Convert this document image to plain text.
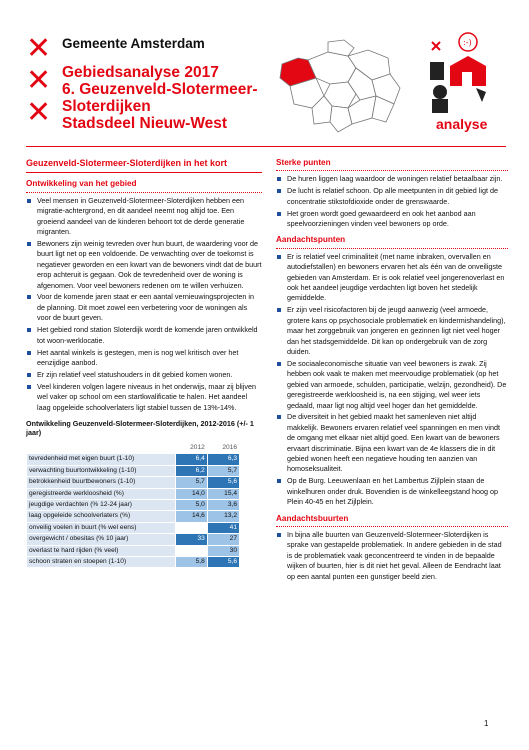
✕
✕
✕
Gemeente Amsterdam
Gebiedsanalyse 2017
6. Geuzenveld-Slotermeer-
Sloterdijken
Stadsdeel Nieuw-West
:-)
analyse
Geuzenveld-Slotermeer-Sloterdijken in het kort
Ontwikkeling van het gebied
Veel mensen in Geuzenveld-Slotermeer-Sloterdijken hebben een migratie-achtergrond, en dit aandeel neemt nog altijd toe. Een groeiend aandeel van de kinderen behoort tot de derde generatie migranten.
Bewoners zijn weinig tevreden over hun buurt, de waardering voor de buurt ligt net op een voldoende. De verwachting over de toekomst is negatiever geworden en een kwart van de bewoners vindt dat de buurt erop achteruit is gegaan. Ook de tevredenheid over de woning is afgenomen. Voor veel bewoners redenen om te willen verhuizen.
Voor de komende jaren staat er een aantal vernieuwingsprojecten in de planning. Dit moet zowel een verbetering voor de woningen als voor de buurt geven.
Het gebied rond station Sloterdijk wordt de komende jaren ontwikkeld tot woon-werklocatie.
Het aantal winkels is gestegen, men is nog wel kritisch over het eenzijdige aanbod.
Er zijn relatief veel statushouders in dit gebied komen wonen.
Veel kinderen volgen lagere niveaus in het onderwijs, maar zij blijven wel vaker op school om een startkwalificatie te halen. Het aandeel laag opgeleide schoolverlaters ligt stabiel tussen de 13%-14%.
Ontwikkeling Geuzenveld-Slotermeer-Sloterdijken, 2012-2016 (+/- 1 jaar)
	2012	2016
tevredenheid met eigen buurt (1-10)	6,4	6,3
verwachting buurtontwikkeling (1-10)	6,2	5,7
betrokkenheid buurtbewoners (1-10)	5,7	5,6
geregistreerde werkloosheid (%)	14,0	15,4
jeugdige verdachten (% 12-24 jaar)	5,0	3,6
laag opgeleide schoolverlaters (%)	14,6	13,2
onveilig voelen in buurt (% wel eens)		41
overgewicht / obesitas (% 10 jaar)	33	27
overlast te hard rijden (% veel)		30
schoon straten en stoepen (1-10)	5,8	5,6
Sterke punten
De huren liggen laag waardoor de woningen relatief betaalbaar zijn.
De lucht is relatief schoon. Op alle meetpunten in dit gebied ligt de concentratie stikstofdioxide onder de grenswaarde.
Het groen wordt goed gewaardeerd en ook het aanbod aan speelvoorzieningen vinden veel bewoners op orde.
Aandachtspunten
Er is relatief veel criminaliteit (met name inbraken, overvallen en autodiefstallen) en bewoners ervaren het als één van de onveiligste gebieden van Amsterdam. Er is ook relatief veel jongerenoverlast en ook het aandeel jeugdige verdachten ligt boven het stedelijk gemiddelde.
Er zijn veel risicofactoren bij de jeugd aanwezig (veel armoede, grotere kans op psychosociale problematiek en kindermishandeling), maar het zorggebruik van jongeren en gezinnen ligt niet veel hoger dan het stadsgemiddelde. Dit kan op ondergebruik van de zorg duiden.
De sociaaleconomische situatie van veel bewoners is zwak. Zij hebben ook vaak te maken met meervoudige problematiek (op het gebied van armoede, schulden, participatie, welzijn, gezondheid). De geregistreerde werkloosheid is, na een stijging, wel weer iets gedaald, maar ligt nog altijd veel hoger dan het gemiddelde.
De diversiteit in het gebied maakt het samenleven niet altijd makkelijk. Bewoners ervaren relatief veel spanningen en men vindt de omgang met elkaar niet altijd goed. Een kwart van de bewoners ervaart discriminatie. Bijna een kwart van de 4e klassers die in dit gebied wonen heeft een negatieve houding ten aanzien van homoseksualiteit.
Op de Burg. Leeuwenlaan en het Lambertus Zijlplein staan de winkelhuren onder druk. Bovendien is de winkelleegstand hoog op Plein 40-45 en het Zijlplein.
Aandachtsbuurten
In bijna alle buurten van Geuzenveld-Slotermeer-Sloterdijken is sprake van gestapelde problematiek. In andere gebieden in de stad is de problematiek vaak geconcentreerd te vinden in de bepaalde wijken of buurten, hier is dit niet het geval. Alleen de Eendracht laat op een aantal punten een gunstiger beeld zien.
1
